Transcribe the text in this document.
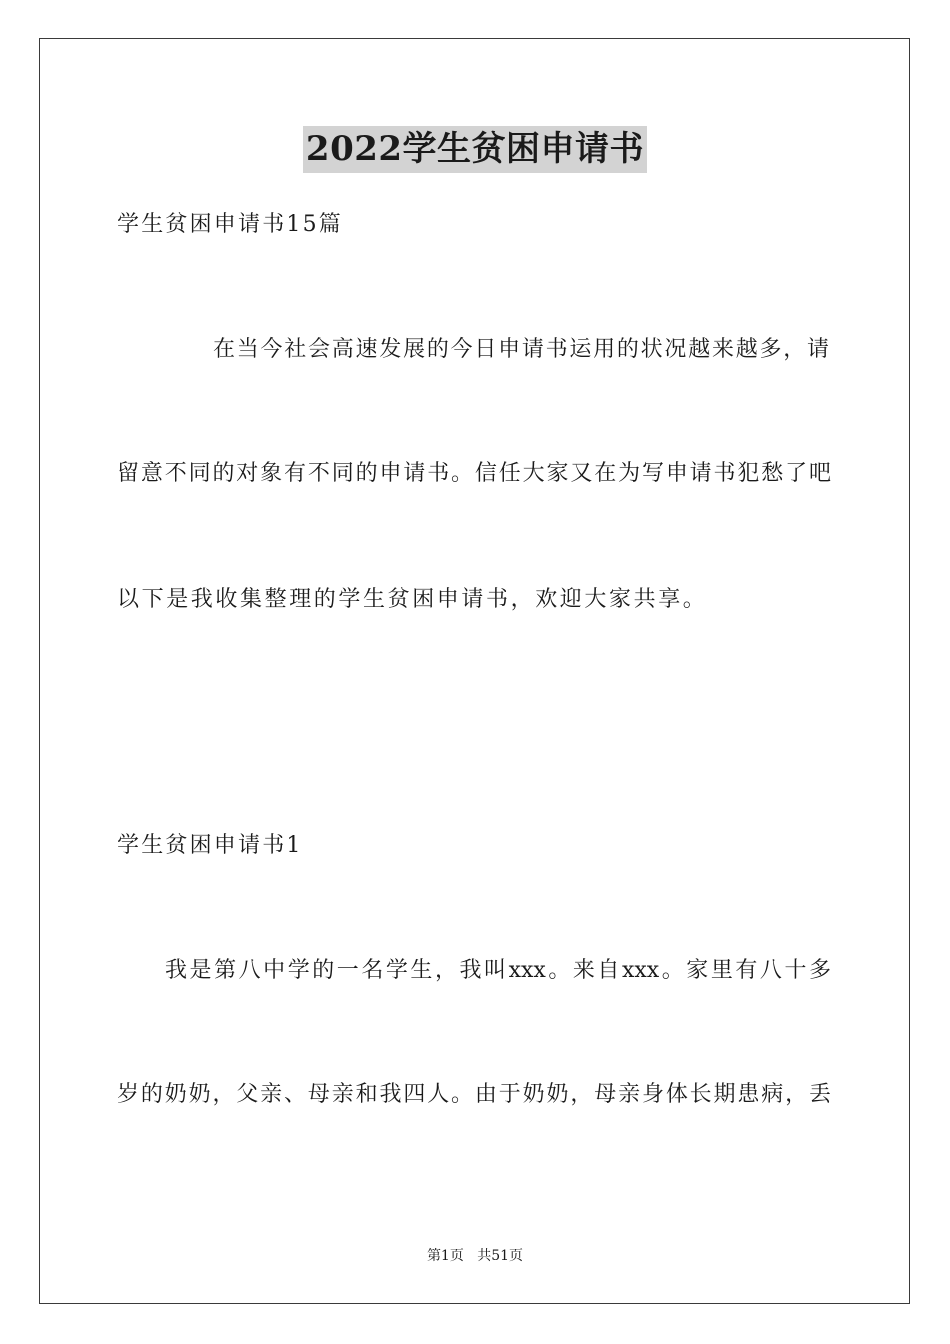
2022学生贫困申请书
学生贫困申请书15篇
在当今社会高速发展的今日申请书运用的状况越来越多，请
留意不同的对象有不同的申请书。信任大家又在为写申请书犯愁了吧
以下是我收集整理的学生贫困申请书，欢迎大家共享。
学生贫困申请书1
我是第八中学的一名学生，我叫xxx。来自xxx。家里有八十多
岁的奶奶，父亲、母亲和我四人。由于奶奶，母亲身体长期患病，丢
第1页 共51页
